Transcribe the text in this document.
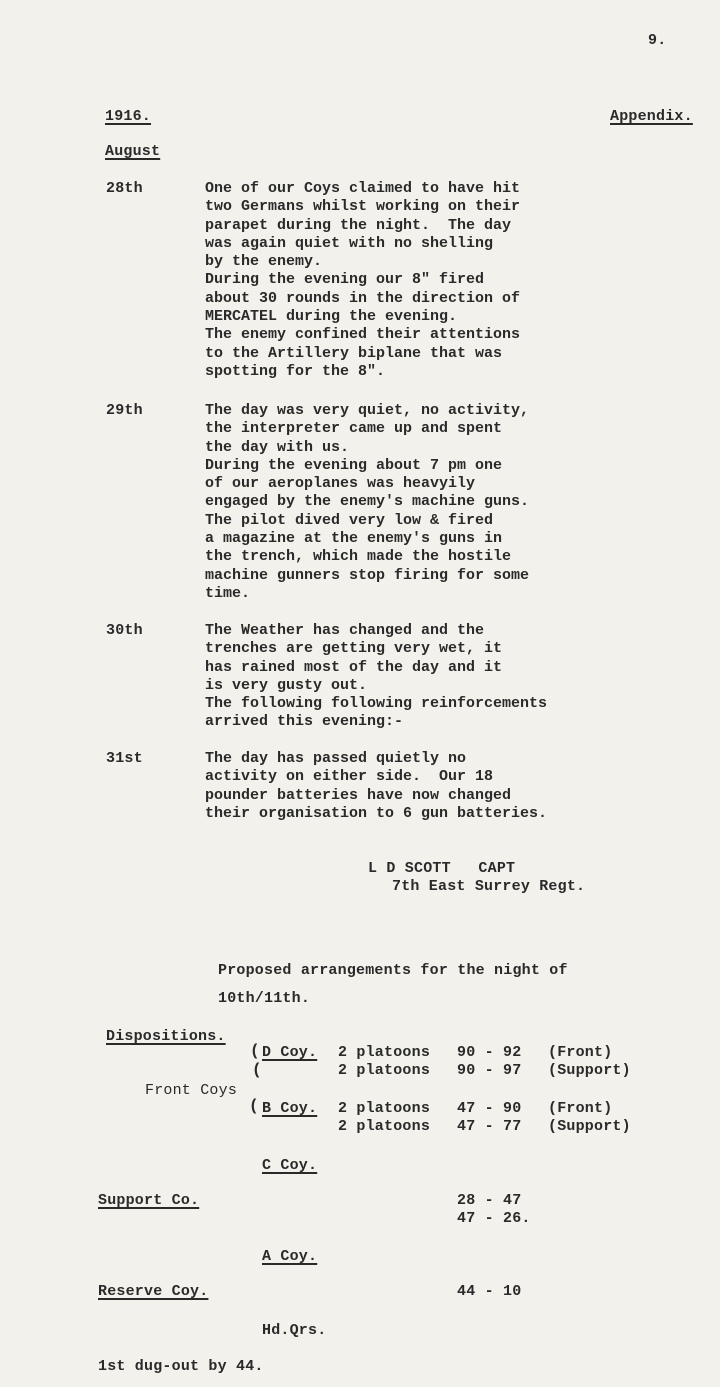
9.
1916.	Appendix.
August
28th	One of our Coys claimed to have hit
two Germans whilst working on their
parapet during the night.  The day
was again quiet with no shelling
by the enemy.
During the evening our 8" fired
about 30 rounds in the direction of
MERCATEL during the evening.
The enemy confined their attentions
to the Artillery biplane that was
spotting for the 8".
29th	The day was very quiet, no activity,
the interpreter came up and spent
the day with us.
During the evening about 7 pm one
of our aeroplanes was heavyily
engaged by the enemy's machine guns.
The pilot dived very low & fired
a magazine at the enemy's guns in
the trench, which made the hostile
machine gunners stop firing for some
time.
30th	The Weather has changed and the
trenches are getting very wet, it
has rained most of the day and it
is very gusty out.
The following following reinforcements
arrived this evening:-
31st	The day has passed quietly no
activity on either side.  Our 18
pounder batteries have now changed
their organisation to 6 gun batteries.
L D SCOTT   CAPT
7th East Surrey Regt.
Proposed arrangements for the night of
10th/11th.
Dispositions.
(
(
(
D Coy. 2 platoons 90 - 92 (Front)
2 platoons 90 - 97 (Support)
Front Coys
B Coy. 2 platoons 47 - 90 (Front)
2 platoons 47 - 77 (Support)
C Coy.
Support Co.	28 - 47
47 - 26.
A Coy.
Reserve Coy.	44 - 10
Hd.Qrs.
1st dug-out by 44.
